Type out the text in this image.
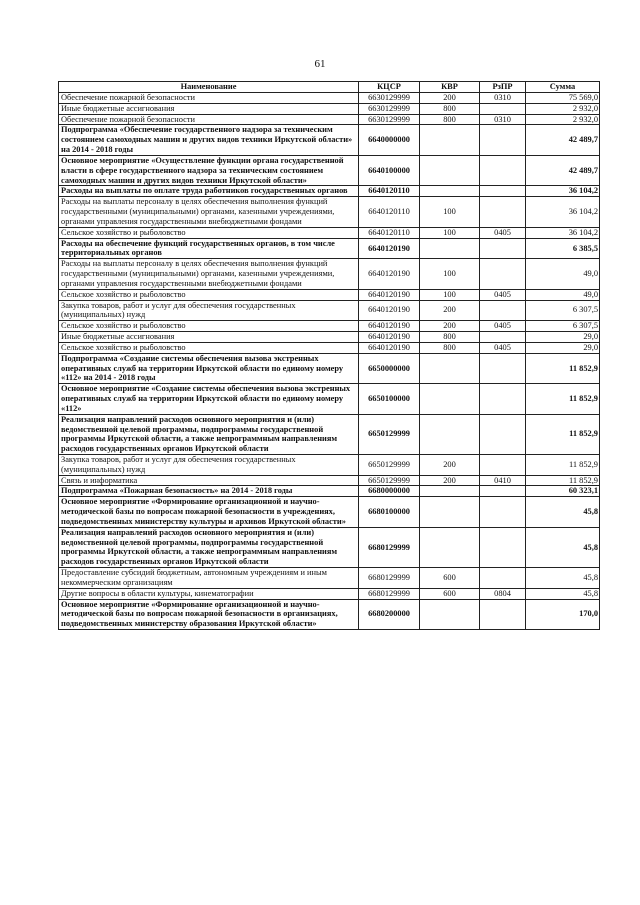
61
Наименование	КЦСР	КВР	РзПР	Сумма
Обеспечение пожарной безопасности	6630129999	200	0310	75 569,0
Иные бюджетные ассигнования	6630129999	800		2 932,0
Обеспечение пожарной безопасности	6630129999	800	0310	2 932,0
Подпрограмма «Обеспечение государственного надзора за техническим состоянием самоходных машин и других видов техники Иркутской области» на 2014 - 2018 годы	6640000000			42 489,7
Основное мероприятие «Осуществление функции органа государственной власти в сфере государственного надзора за техническим состоянием самоходных машин и других видов техники Иркутской области»	6640100000			42 489,7
Расходы на выплаты по оплате труда работников государственных органов	6640120110			36 104,2
Расходы на выплаты персоналу в целях обеспечения выполнения функций государственными (муниципальными) органами, казенными учреждениями, органами управления государственными внебюджетными фондами	6640120110	100		36 104,2
Сельское хозяйство и рыболовство	6640120110	100	0405	36 104,2
Расходы на обеспечение функций государственных органов, в том числе территориальных органов	6640120190			6 385,5
Расходы на выплаты персоналу в целях обеспечения выполнения функций государственными (муниципальными) органами, казенными учреждениями, органами управления государственными внебюджетными фондами	6640120190	100		49,0
Сельское хозяйство и рыболовство	6640120190	100	0405	49,0
Закупка товаров, работ и услуг для обеспечения государственных (муниципальных) нужд	6640120190	200		6 307,5
Сельское хозяйство и рыболовство	6640120190	200	0405	6 307,5
Иные бюджетные ассигнования	6640120190	800		29,0
Сельское хозяйство и рыболовство	6640120190	800	0405	29,0
Подпрограмма «Создание системы обеспечения вызова экстренных оперативных служб на территории Иркутской области по единому номеру «112» на 2014 - 2018 годы	6650000000			11 852,9
Основное мероприятие «Создание системы обеспечения вызова экстренных оперативных служб на территории Иркутской области по единому номеру «112»	6650100000			11 852,9
Реализация направлений расходов основного мероприятия и (или) ведомственной целевой программы, подпрограммы государственной программы Иркутской области, а также непрограммным направлениям расходов государственных органов Иркутской области	6650129999			11 852,9
Закупка товаров, работ и услуг для обеспечения государственных (муниципальных) нужд	6650129999	200		11 852,9
Связь и информатика	6650129999	200	0410	11 852,9
Подпрограмма «Пожарная безопасность» на 2014 - 2018 годы	6680000000			60 323,1
Основное мероприятие «Формирование организационной и научно-методической базы по вопросам пожарной безопасности в учреждениях, подведомственных министерству культуры и архивов Иркутской области»	6680100000			45,8
Реализация направлений расходов основного мероприятия и (или) ведомственной целевой программы, подпрограммы государственной программы Иркутской области, а также непрограммным направлениям расходов государственных органов Иркутской области	6680129999			45,8
Предоставление субсидий бюджетным, автономным учреждениям и иным некоммерческим организациям	6680129999	600		45,8
Другие вопросы в области культуры, кинематографии	6680129999	600	0804	45,8
Основное мероприятие «Формирование организационной и научно-методической базы по вопросам пожарной безопасности в организациях, подведомственных министерству образования Иркутской области»	6680200000			170,0
